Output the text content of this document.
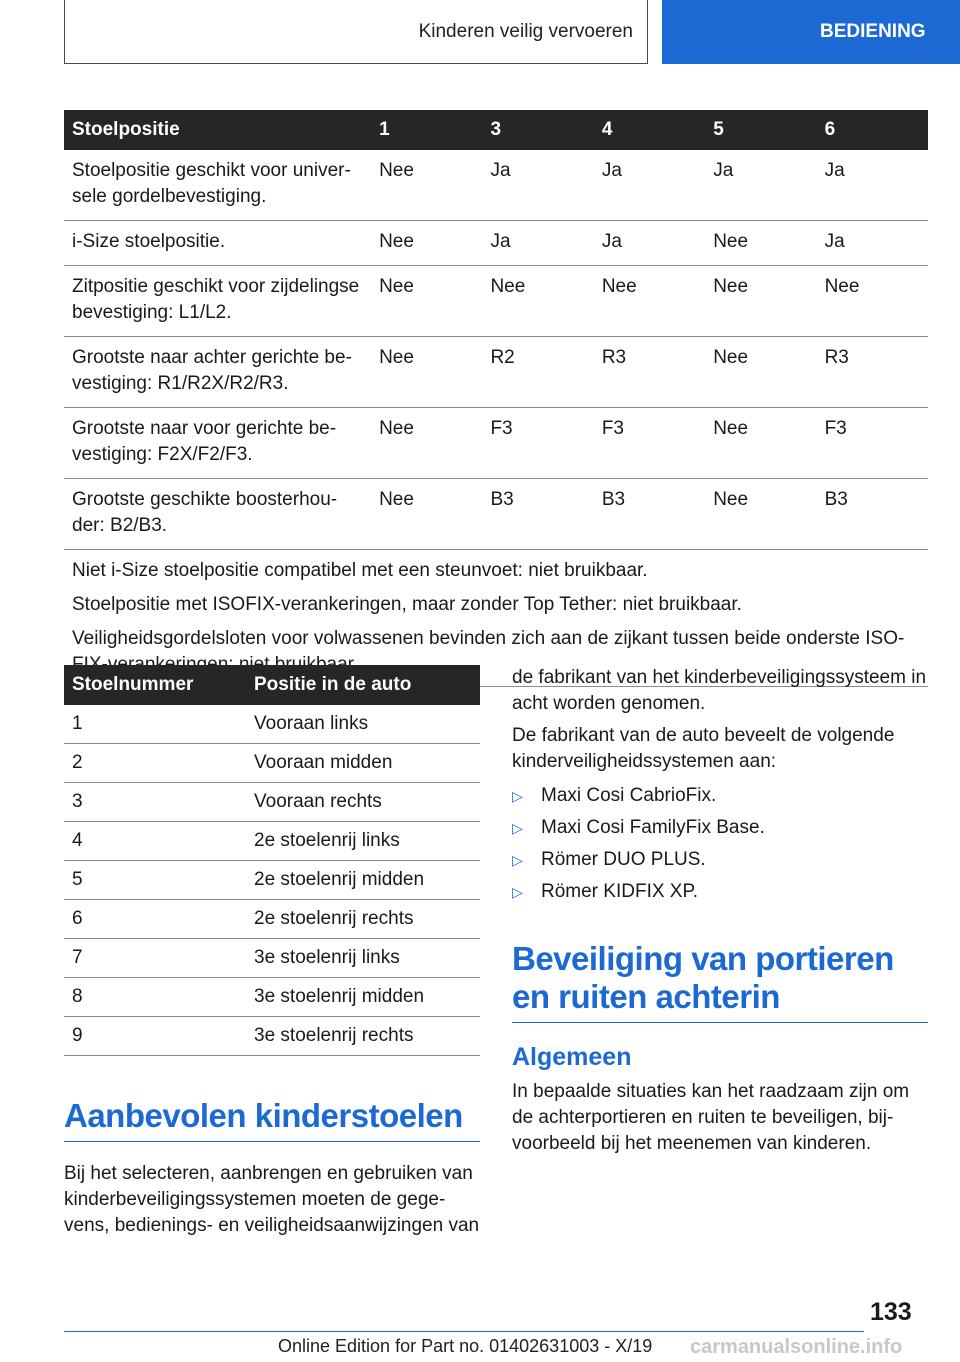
Kinderen veilig vervoeren	BEDIENING
Stoelpositie	1	3	4	5	6
Stoelpositie geschikt voor univer-sele gordelbevestiging.	Nee	Ja	Ja	Ja	Ja
i-Size stoelpositie.	Nee	Ja	Ja	Nee	Ja
Zitpositie geschikt voor zijdelingse bevestiging: L1/L2.	Nee	Nee	Nee	Nee	Nee
Grootste naar achter gerichte be-vestiging: R1/R2X/R2/R3.	Nee	R2	R3	Nee	R3
Grootste naar voor gerichte be-vestiging: F2X/F2/F3.	Nee	F3	F3	Nee	F3
Grootste geschikte boosterhou-der: B2/B3.	Nee	B3	B3	Nee	B3

Niet i-Size stoelpositie compatibel met een steunvoet: niet bruikbaar.

Stoelpositie met ISOFIX-verankeringen, maar zonder Top Tether: niet bruikbaar.

Veiligheidsgordelsloten voor volwassenen bevinden zich aan de zijkant tussen beide onderste ISO-					

Stoelnummer	Positie in de auto
1	Vooraan links
2	Vooraan midden
3	Vooraan rechts
4	2e stoelenrij links
5	2e stoelenrij midden
6	2e stoelenrij rechts
7	3e stoelenrij links
8	3e stoelenrij midden
9	3e stoelenrij rechts
Aanbevolen kinderstoelen

Bij het selecteren, aanbrengen en gebruiken van kinderbeveiligingssystemen moeten de gege-vens, bedienings- en veiligheidsaanwijzingen van

de fabrikant van het kinderbeveiligingssysteem in acht worden genomen.

De fabrikant van de auto beveelt de volgende kinderveiligheidssystemen aan:

▷ Maxi Cosi CabrioFix.
▷ Maxi Cosi FamilyFix Base.
▷ Römer DUO PLUS.
▷ Römer KIDFIX XP.
Beveiliging van portieren en ruiten achterin
Algemeen

In bepaalde situaties kan het raadzaam zijn om de achterportieren en ruiten te beveiligen, bij-voorbeeld bij het meenemen van kinderen.

133
Online Edition for Part no. 01402631003 - X/19 carmanualsonline.info
